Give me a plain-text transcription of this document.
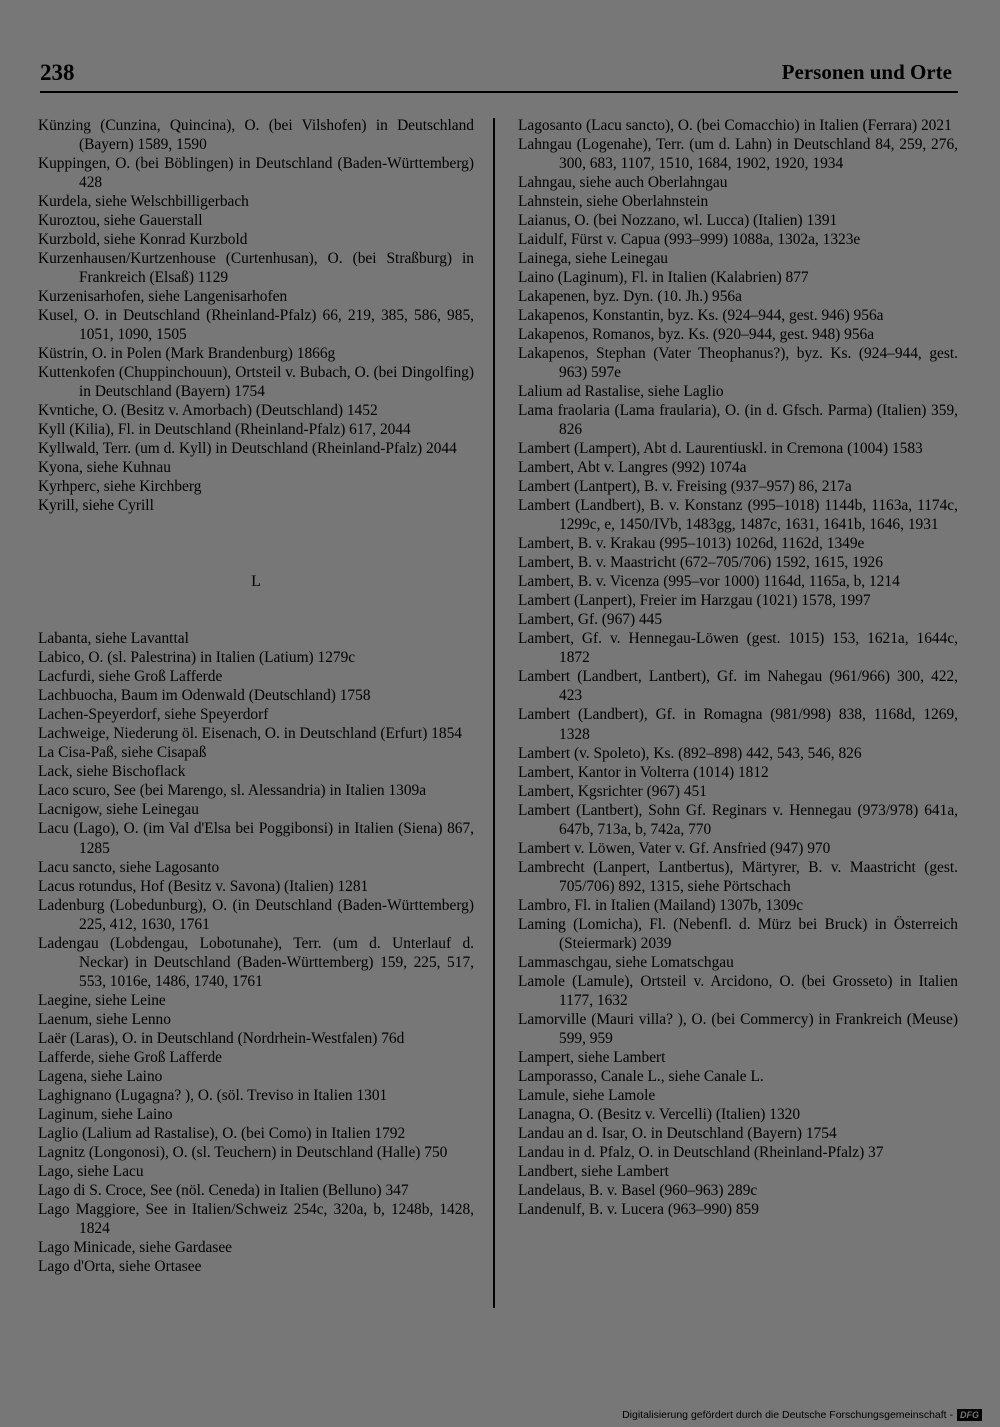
238	Personen und Orte
Künzing (Cunzina, Quincina), O. (bei Vilshofen) in Deutschland (Bayern) 1589, 1590
Kuppingen, O. (bei Böblingen) in Deutschland (Baden-Württemberg) 428
Kurdela, siehe Welschbilligerbach
Kuroztou, siehe Gauerstall
Kurzbold, siehe Konrad Kurzbold
Kurzenhausen/Kurtzenhouse (Curtenhusan), O. (bei Straßburg) in Frankreich (Elsaß) 1129
Kurzenisarhofen, siehe Langenisarhofen
Kusel, O. in Deutschland (Rheinland-Pfalz) 66, 219, 385, 586, 985, 1051, 1090, 1505
Küstrin, O. in Polen (Mark Brandenburg) 1866g
Kuttenkofen (Chuppinchouun), Ortsteil v. Bubach, O. (bei Dingolfing) in Deutschland (Bayern) 1754
Kvntiche, O. (Besitz v. Amorbach) (Deutschland) 1452
Kyll (Kilia), Fl. in Deutschland (Rheinland-Pfalz) 617, 2044
Kyllwald, Terr. (um d. Kyll) in Deutschland (Rheinland-Pfalz) 2044
Kyona, siehe Kuhnau
Kyrhperc, siehe Kirchberg
Kyrill, siehe Cyrill
L
Labanta, siehe Lavanttal
Labico, O. (sl. Palestrina) in Italien (Latium) 1279c
Lacfurdi, siehe Groß Lafferde
Lachbuocha, Baum im Odenwald (Deutschland) 1758
Lachen-Speyerdorf, siehe Speyerdorf
Lachweige, Niederung öl. Eisenach, O. in Deutschland (Erfurt) 1854
La Cisa-Paß, siehe Cisapaß
Lack, siehe Bischoflack
Laco scuro, See (bei Marengo, sl. Alessandria) in Italien 1309a
Lacnigow, siehe Leinegau
Lacu (Lago), O. (im Val d'Elsa bei Poggibonsi) in Italien (Siena) 867, 1285
Lacu sancto, siehe Lagosanto
Lacus rotundus, Hof (Besitz v. Savona) (Italien) 1281
Ladenburg (Lobedunburg), O. (in Deutschland (Baden-Württemberg) 225, 412, 1630, 1761
Ladengau (Lobdengau, Lobotunahe), Terr. (um d. Unterlauf d. Neckar) in Deutschland (Baden-Württemberg) 159, 225, 517, 553, 1016e, 1486, 1740, 1761
Laegine, siehe Leine
Laenum, siehe Lenno
Laër (Laras), O. in Deutschland (Nordrhein-Westfalen) 76d
Lafferde, siehe Groß Lafferde
Lagena, siehe Laino
Laghignano (Lugagna? ), O. (söl. Treviso in Italien 1301
Laginum, siehe Laino
Laglio (Lalium ad Rastalise), O. (bei Como) in Italien 1792
Lagnitz (Longonosi), O. (sl. Teuchern) in Deutschland (Halle) 750
Lago, siehe Lacu
Lago di S. Croce, See (nöl. Ceneda) in Italien (Belluno) 347
Lago Maggiore, See in Italien/Schweiz 254c, 320a, b, 1248b, 1428, 1824
Lago Minicade, siehe Gardasee
Lago d'Orta, siehe Ortasee
Lagosanto (Lacu sancto), O. (bei Comacchio) in Italien (Ferrara) 2021
Lahngau (Logenahe), Terr. (um d. Lahn) in Deutschland 84, 259, 276, 300, 683, 1107, 1510, 1684, 1902, 1920, 1934
Lahngau, siehe auch Oberlahngau
Lahnstein, siehe Oberlahnstein
Laianus, O. (bei Nozzano, wl. Lucca) (Italien) 1391
Laidulf, Fürst v. Capua (993–999) 1088a, 1302a, 1323e
Lainega, siehe Leinegau
Laino (Laginum), Fl. in Italien (Kalabrien) 877
Lakapenen, byz. Dyn. (10. Jh.) 956a
Lakapenos, Konstantin, byz. Ks. (924–944, gest. 946) 956a
Lakapenos, Romanos, byz. Ks. (920–944, gest. 948) 956a
Lakapenos, Stephan (Vater Theophanus?), byz. Ks. (924–944, gest. 963) 597e
Lalium ad Rastalise, siehe Laglio
Lama fraolaria (Lama fraularia), O. (in d. Gfsch. Parma) (Italien) 359, 826
Lambert (Lampert), Abt d. Laurentiuskl. in Cremona (1004) 1583
Lambert, Abt v. Langres (992) 1074a
Lambert (Lantpert), B. v. Freising (937–957) 86, 217a
Lambert (Landbert), B. v. Konstanz (995–1018) 1144b, 1163a, 1174c, 1299c, e, 1450/IVb, 1483gg, 1487c, 1631, 1641b, 1646, 1931
Lambert, B. v. Krakau (995–1013) 1026d, 1162d, 1349e
Lambert, B. v. Maastricht (672–705/706) 1592, 1615, 1926
Lambert, B. v. Vicenza (995–vor 1000) 1164d, 1165a, b, 1214
Lambert (Lanpert), Freier im Harzgau (1021) 1578, 1997
Lambert, Gf. (967) 445
Lambert, Gf. v. Hennegau-Löwen (gest. 1015) 153, 1621a, 1644c, 1872
Lambert (Landbert, Lantbert), Gf. im Nahegau (961/966) 300, 422, 423
Lambert (Landbert), Gf. in Romagna (981/998) 838, 1168d, 1269, 1328
Lambert (v. Spoleto), Ks. (892–898) 442, 543, 546, 826
Lambert, Kantor in Volterra (1014) 1812
Lambert, Kgsrichter (967) 451
Lambert (Lantbert), Sohn Gf. Reginars v. Hennegau (973/978) 641a, 647b, 713a, b, 742a, 770
Lambert v. Löwen, Vater v. Gf. Ansfried (947) 970
Lambrecht (Lanpert, Lantbertus), Märtyrer, B. v. Maastricht (gest. 705/706) 892, 1315, siehe Pörtschach
Lambro, Fl. in Italien (Mailand) 1307b, 1309c
Laming (Lomicha), Fl. (Nebenfl. d. Mürz bei Bruck) in Österreich (Steiermark) 2039
Lammaschgau, siehe Lomatschgau
Lamole (Lamule), Ortsteil v. Arcidono, O. (bei Grosseto) in Italien 1177, 1632
Lamorville (Mauri villa? ), O. (bei Commercy) in Frankreich (Meuse) 599, 959
Lampert, siehe Lambert
Lamporasso, Canale L., siehe Canale L.
Lamule, siehe Lamole
Lanagna, O. (Besitz v. Vercelli) (Italien) 1320
Landau an d. Isar, O. in Deutschland (Bayern) 1754
Landau in d. Pfalz, O. in Deutschland (Rheinland-Pfalz) 37
Landbert, siehe Lambert
Landelaus, B. v. Basel (960–963) 289c
Landenulf, B. v. Lucera (963–990) 859
Digitalisierung gefördert durch die Deutsche Forschungsgemeinschaft - DFG
